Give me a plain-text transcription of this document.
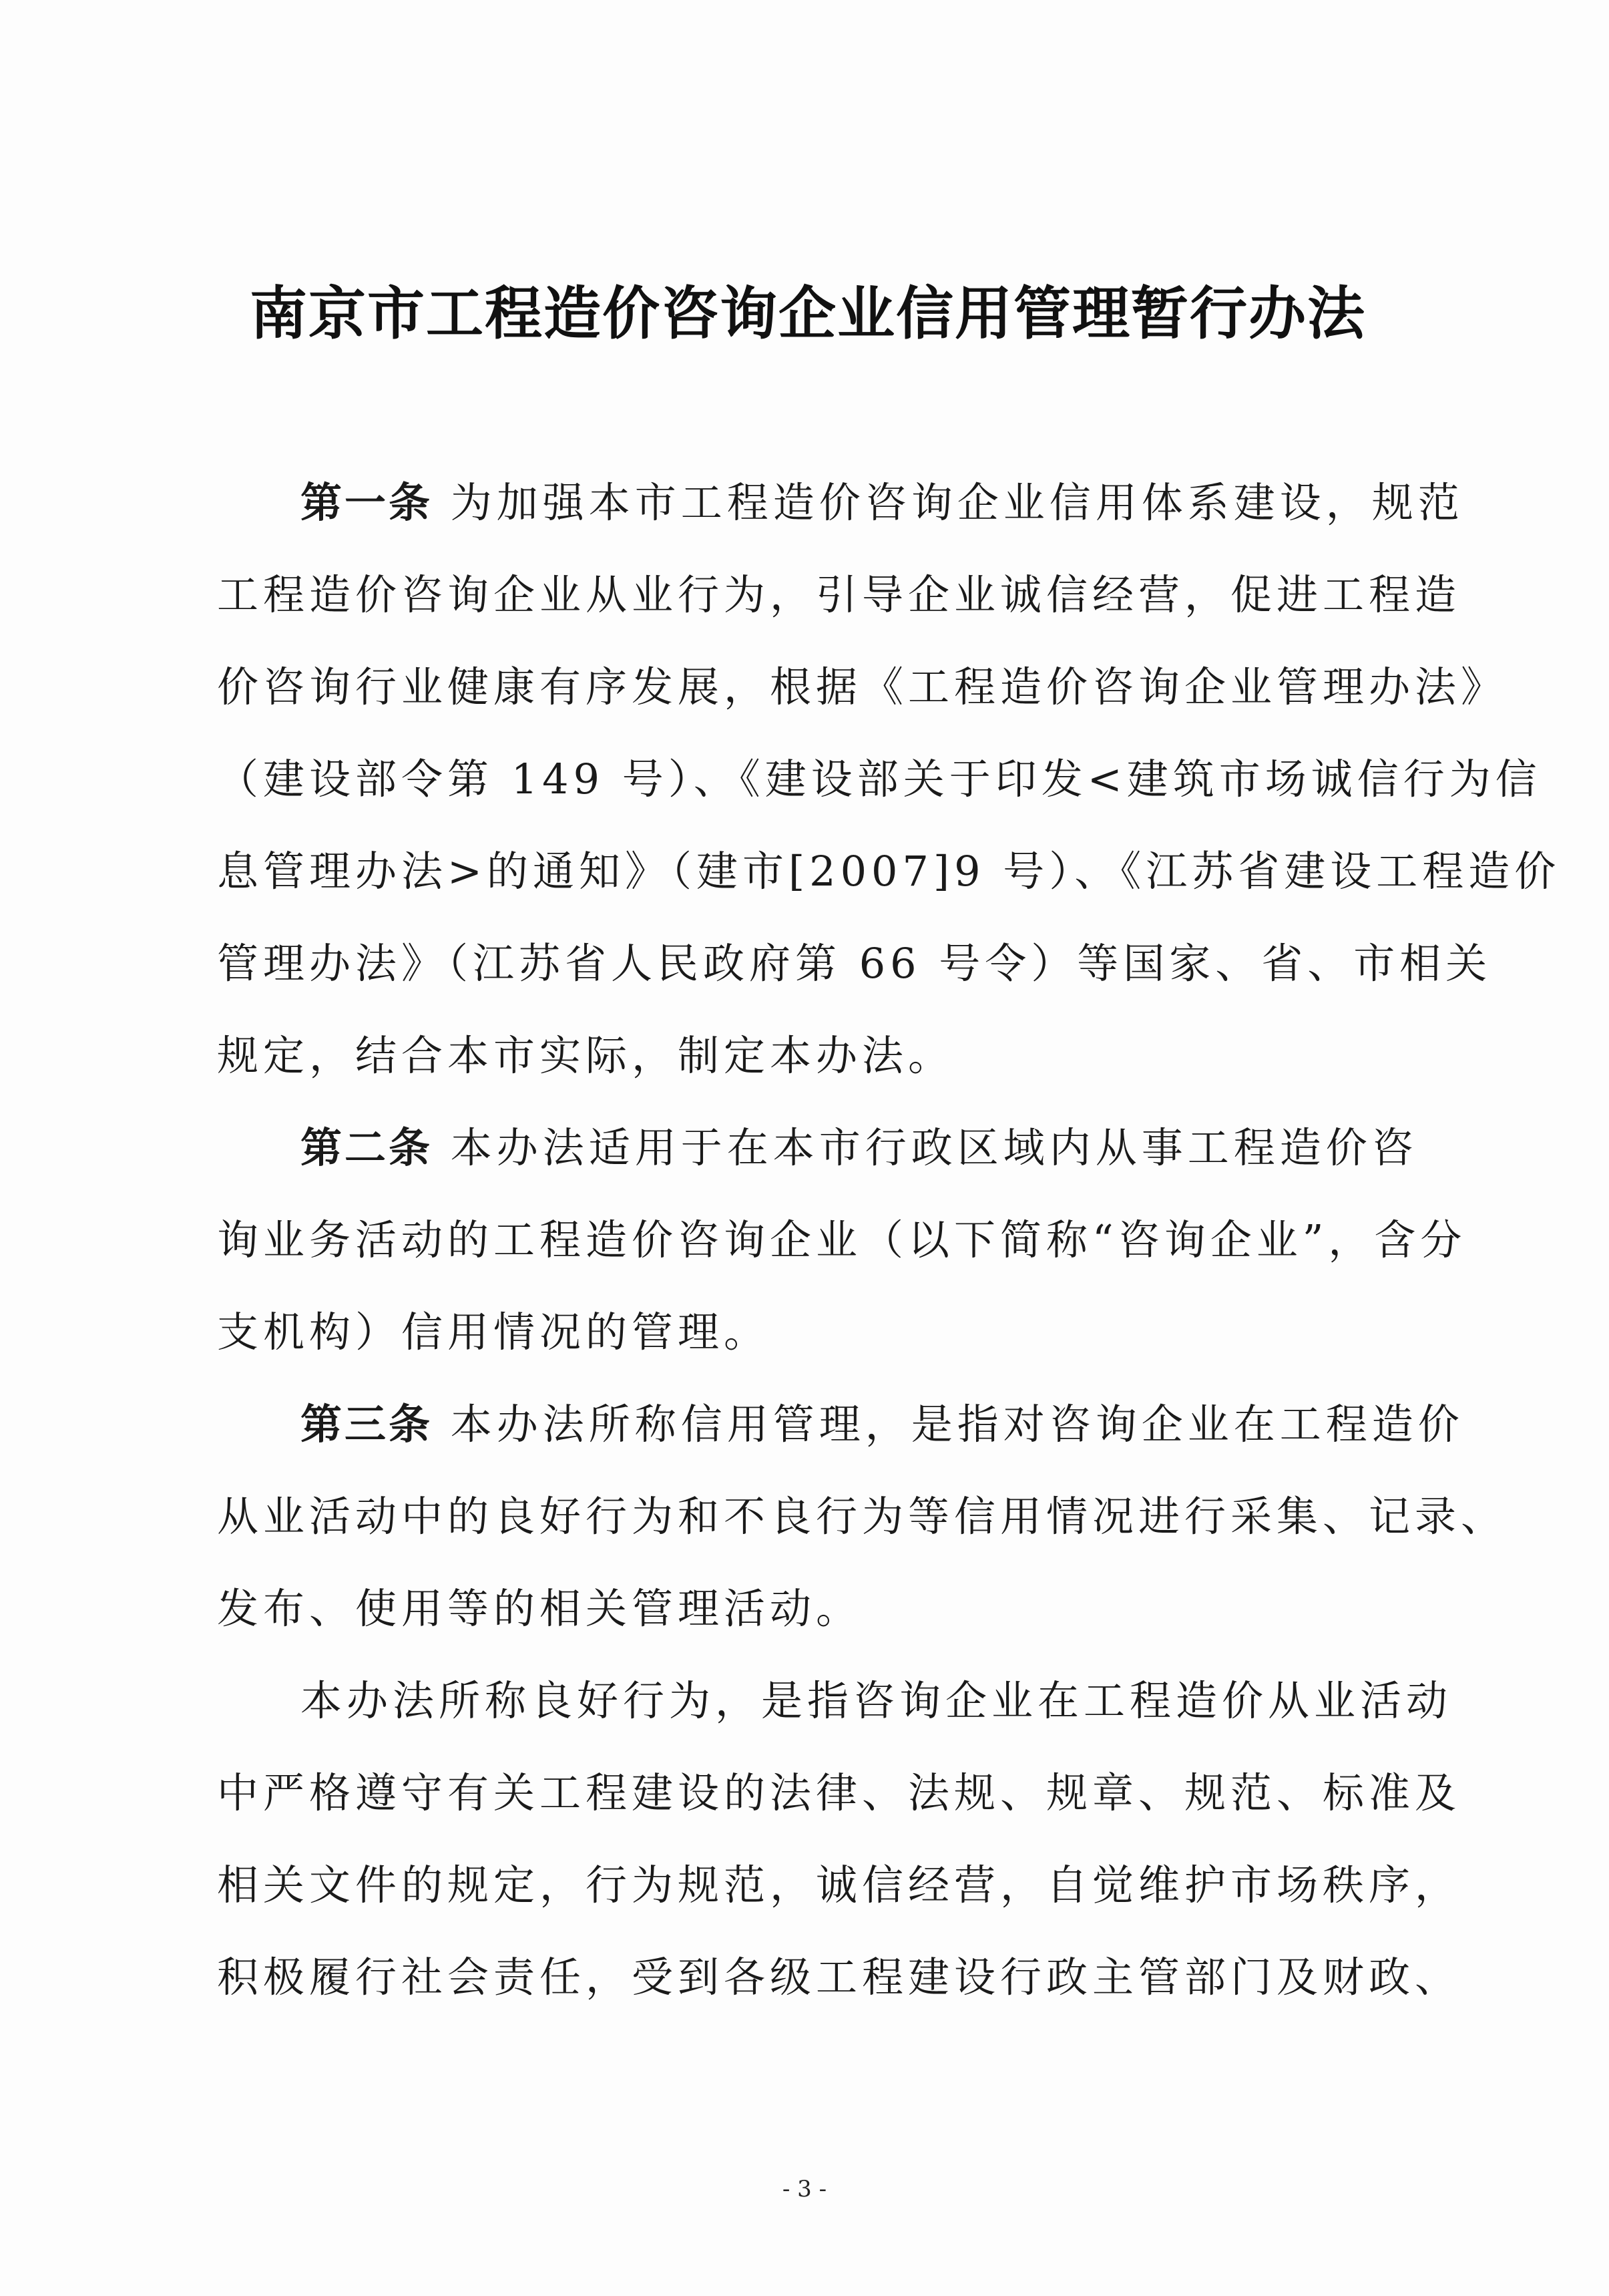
南京市工程造价咨询企业信用管理暂行办法
第一条 为加强本市工程造价咨询企业信用体系建设，规范
工程造价咨询企业从业行为，引导企业诚信经营，促进工程造
价咨询行业健康有序发展，根据《工程造价咨询企业管理办法》
（建设部令第 149 号）、《建设部关于印发<建筑市场诚信行为信
息管理办法>的通知》（建市[2007]9 号）、《江苏省建设工程造价
管理办法》（江苏省人民政府第 66 号令）等国家、省、市相关
规定，结合本市实际，制定本办法。
第二条 本办法适用于在本市行政区域内从事工程造价咨
询业务活动的工程造价咨询企业（以下简称“咨询企业”，含分
支机构）信用情况的管理。
第三条 本办法所称信用管理，是指对咨询企业在工程造价
从业活动中的良好行为和不良行为等信用情况进行采集、记录、
发布、使用等的相关管理活动。
本办法所称良好行为，是指咨询企业在工程造价从业活动
中严格遵守有关工程建设的法律、法规、规章、规范、标准及
相关文件的规定，行为规范，诚信经营，自觉维护市场秩序，
积极履行社会责任，受到各级工程建设行政主管部门及财政、
- 3 -
